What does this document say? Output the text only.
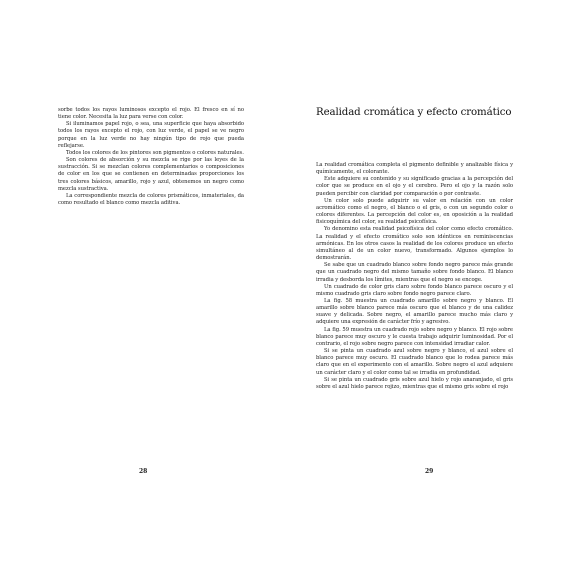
sorbe todos los rayos luminosos excepto el rojo. El fresco en sí no tiene color. Necesita la luz para verse con color.

Si iluminamos papel rojo, o sea, una superficie que haya absorbido todos los rayos excepto el rojo, con luz verde, el papel se ve negro porque en la luz verde no hay ningún tipo de rojo que pueda reflejarse.

Todos los colores de los pintores son pigmentos o colores naturales.

Son colores de absorción y su mezcla se rige por las leyes de la sustracción. Si se mezclan colores complementarios o composiciones de color en los que se contienen en determinadas proporciones los tres colores básicos, amarillo, rojo y azul, obtenemos un negro como mezcla sustractiva.

La correspondiente mezcla de colores prismáticos, inmateriales, da como resultado el blanco como mezcla aditiva.

28
Realidad cromática y efecto cromático

La realidad cromática completa el pigmento definible y analizable física y químicamente, el colorante.

Este adquiere su contenido y su significado gracias a la percepción del color que se produce en el ojo y el cerebro. Pero el ojo y la razón solo pueden percibir con claridad por comparación o por contraste.

Un color solo puede adquirir su valor en relación con un color acromático como el negro, el blanco o el gris, o con un segundo color o colores diferentes. La percepción del color es, en oposición a la realidad fisicoquímica del color, su realidad psicofísica.

Yo denomino esta realidad psicofísica del color como efecto cromático. La realidad y el efecto cromático solo son idénticos en reminiscencias armónicas. En los otros casos la realidad de los colores produce un efecto simultáneo al de un color nuevo, transformado. Algunos ejemplos lo demostrarán.

Se sabe que un cuadrado blanco sobre fondo negro parece más grande que un cuadrado negro del mismo tamaño sobre fondo blanco. El blanco irradia y desborda los límites, mientras que el negro se encoge.

Un cuadrado de color gris claro sobre fondo blanco parece oscuro y el mismo cuadrado gris claro sobre fondo negro parece claro.

La fig. 58 muestra un cuadrado amarillo sobre negro y blanco. El amarillo sobre blanco parece más oscuro que el blanco y de una calidez suave y delicada. Sobre negro, el amarillo parece mucho más claro y adquiere una expresión de carácter frío y agresivo.

La fig. 59 muestra un cuadrado rojo sobre negro y blanco. El rojo sobre blanco parece muy oscuro y le cuesta trabajo adquirir luminosidad. Por el contrario, el rojo sobre negro parece con intensidad irradiar calor.

Si se pinta un cuadrado azul sobre negro y blanco, el azul sobre el blanco parece muy oscuro. El cuadrado blanco que lo rodea parece más claro que en el experimento con el amarillo. Sobre negro el azul adquiere un carácter claro y el color como tal se irradia en profundidad.

Si se pinta un cuadrado gris sobre azul hielo y rojo anaranjado, el gris sobre el azul hielo parece rojizo, mientras que el mismo gris sobre el rojo

29
